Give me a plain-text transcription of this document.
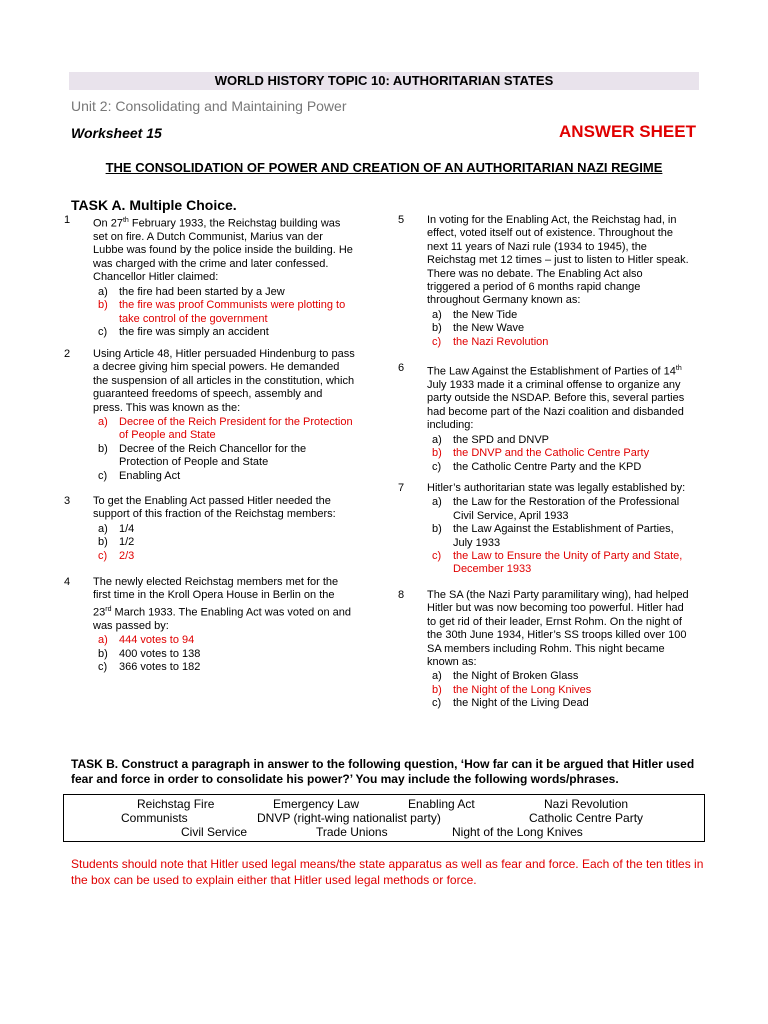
WORLD HISTORY TOPIC 10: AUTHORITARIAN STATES
Unit 2: Consolidating and Maintaining Power
Worksheet 15	ANSWER SHEET
THE CONSOLIDATION OF POWER AND CREATION OF AN AUTHORITARIAN NAZI REGIME
TASK A. Multiple Choice.
1 On 27th February 1933, the Reichstag building was set on fire. A Dutch Communist, Marius van der Lubbe was found by the police inside the building. He was charged with the crime and later confessed. Chancellor Hitler claimed:
a)	the fire had been started by a Jew
b)	the fire was proof Communists were plotting to take control of the government
c)	the fire was simply an accident
2 Using Article 48, Hitler persuaded Hindenburg to pass a decree giving him special powers. He demanded the suspension of all articles in the constitution, which guaranteed freedoms of speech, assembly and press. This was known as the:
a)	Decree of the Reich President for the Protection of People and State
b)	Decree of the Reich Chancellor for the Protection of People and State
c)	Enabling Act
3 To get the Enabling Act passed Hitler needed the support of this fraction of the Reichstag members:
a)	1/4
b)	1/2
c)	2/3
4 The newly elected Reichstag members met for the first time in the Kroll Opera House in Berlin on the 23rd March 1933. The Enabling Act was voted on and was passed by:
a)	444 votes to 94
b)	400 votes to 138
c)	366 votes to 182
5 In voting for the Enabling Act, the Reichstag had, in effect, voted itself out of existence. Throughout the next 11 years of Nazi rule (1934 to 1945), the Reichstag met 12 times – just to listen to Hitler speak. There was no debate. The Enabling Act also triggered a period of 6 months rapid change throughout Germany known as:
a)	the New Tide
b)	the New Wave
c)	the Nazi Revolution
6 The Law Against the Establishment of Parties of 14th July 1933 made it a criminal offense to organize any party outside the NSDAP. Before this, several parties had become part of the Nazi coalition and disbanded including:
a)	the SPD and DNVP
b)	the DNVP and the Catholic Centre Party
c)	the Catholic Centre Party and the KPD
7 Hitler’s authoritarian state was legally established by:
a)	the Law for the Restoration of the Professional Civil Service, April 1933
b)	the Law Against the Establishment of Parties, July 1933
c)	the Law to Ensure the Unity of Party and State, December 1933
8 The SA (the Nazi Party paramilitary wing), had helped Hitler but was now becoming too powerful. Hitler had to get rid of their leader, Ernst Rohm. On the night of the 30th June 1934, Hitler’s SS troops killed over 100 SA members including Rohm. This night became known as:
a)	the Night of Broken Glass
b)	the Night of the Long Knives
c)	the Night of the Living Dead
TASK B. Construct a paragraph in answer to the following question, ‘How far can it be argued that Hitler used fear and force in order to consolidate his power?’ You may include the following words/phrases.
Reichstag Fire	Emergency Law	Enabling Act	Nazi Revolution
Communists	DNVP (right-wing nationalist party)	Catholic Centre Party
Civil Service	Trade Unions	Night of the Long Knives
Students should note that Hitler used legal means/the state apparatus as well as fear and force. Each of the ten titles in the box can be used to explain either that Hitler used legal methods or force.
